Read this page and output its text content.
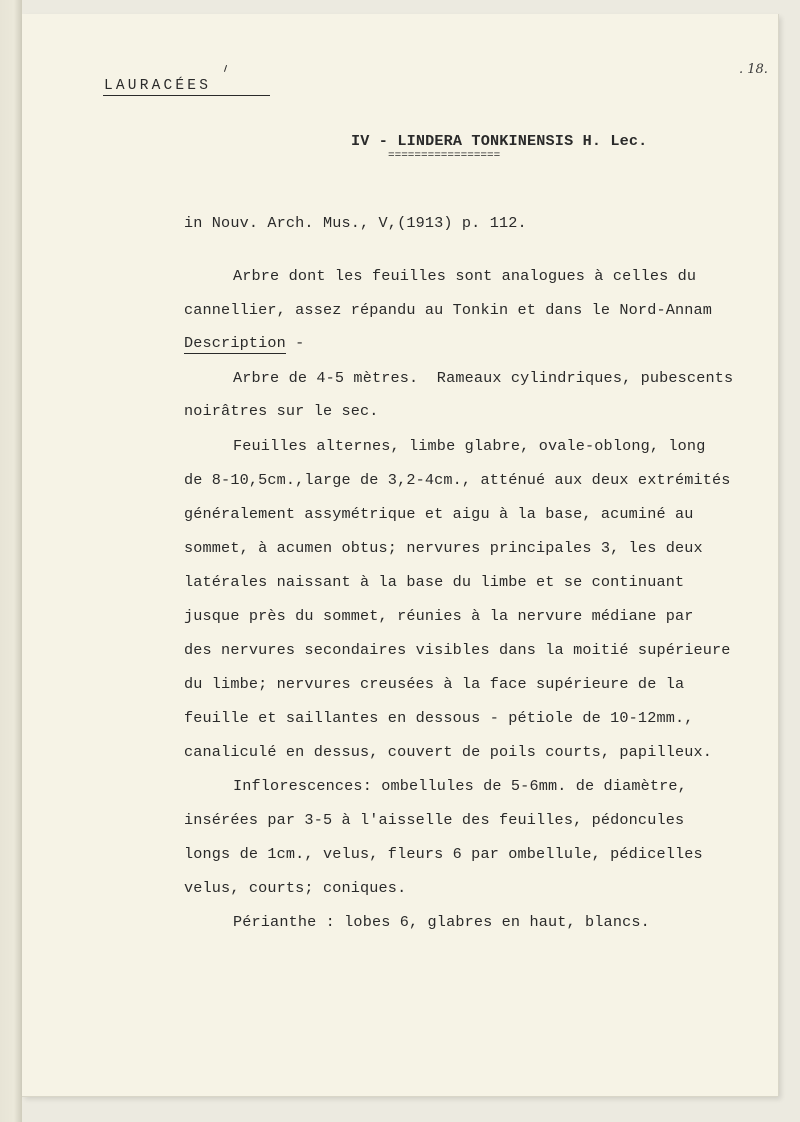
. 18.
LAURACÉES
IV - LINDERA TONKINENSIS H. Lec.
=================
in Nouv. Arch. Mus., V,(1913) p. 112.
Arbre dont les feuilles sont analogues à celles du
cannellier, assez répandu au Tonkin et dans le Nord-Annam
Description -
Arbre de 4-5 mètres.  Rameaux cylindriques, pubescents
noirâtres sur le sec.
Feuilles alternes, limbe glabre, ovale-oblong, long
de 8-10,5cm.,large de 3,2-4cm., atténué aux deux extrémités
généralement assymétrique et aigu à la base, acuminé au
sommet, à acumen obtus; nervures principales 3, les deux
latérales naissant à la base du limbe et se continuant
jusque près du sommet, réunies à la nervure médiane par
des nervures secondaires visibles dans la moitié supérieure
du limbe; nervures creusées à la face supérieure de la
feuille et saillantes en dessous - pétiole de 10-12mm.,
canaliculé en dessus, couvert de poils courts, papilleux.
Inflorescences: ombellules de 5-6mm. de diamètre,
insérées par 3-5 à l'aisselle des feuilles, pédoncules
longs de 1cm., velus, fleurs 6 par ombellule, pédicelles
velus, courts; coniques.
Périanthe : lobes 6, glabres en haut, blancs.
